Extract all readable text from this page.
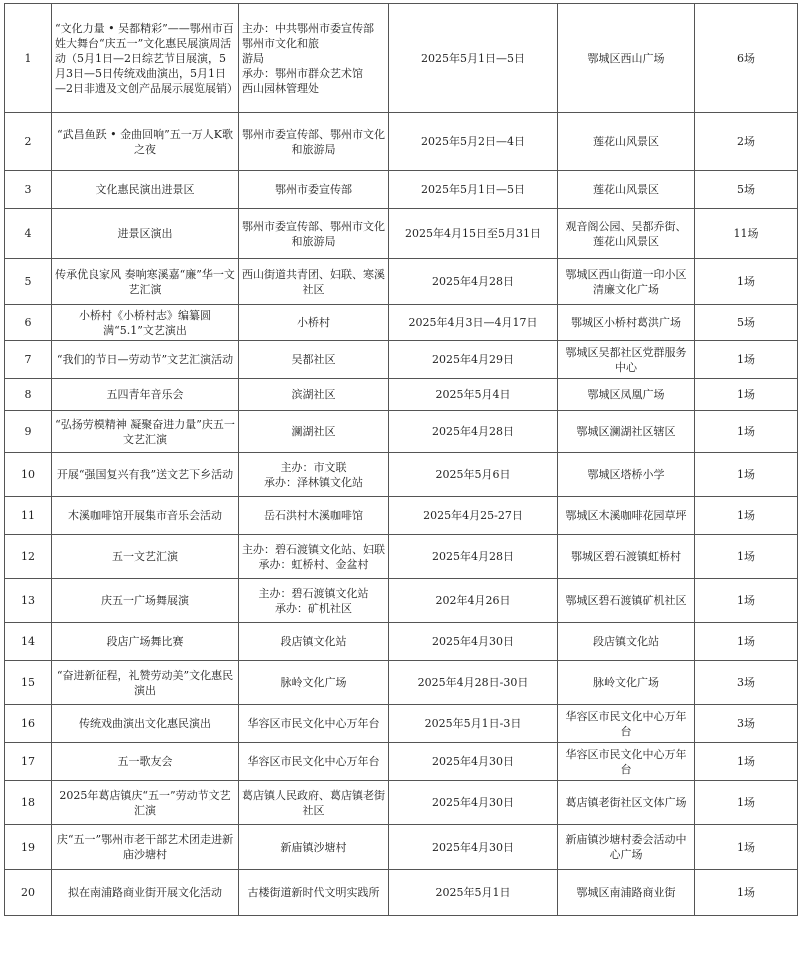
1	“文化力量 • 吴都精彩”——鄂州市百姓大舞台“庆五一”文化惠民展演周活动（5月1日—2日综艺节目展演，5月3日—5日传统戏曲演出，5月1日—2日非遗及文创产品展示展览展销）	主办：中共鄂州市委宣传部
鄂州市文化和旅
游局
承办：鄂州市群众艺术馆
西山园林管理处	2025年5月1日—5日	鄂城区西山广场	6场
2	“武昌鱼跃 • 金曲回响”五一万人K歌之夜	鄂州市委宣传部、鄂州市文化和旅游局	2025年5月2日—4日	莲花山风景区	2场
3	文化惠民演出进景区	鄂州市委宣传部	2025年5月1日—5日	莲花山风景区	5场
4	进景区演出	鄂州市委宣传部、鄂州市文化和旅游局	2025年4月15日至5月31日	观音阁公园、吴都乔街、莲花山风景区	11场
5	传承优良家风 奏响寒溪嘉“廉”华一文艺汇演	西山街道共青团、妇联、寒溪社区	2025年4月28日	鄂城区西山街道一印小区清廉文化广场	1场
6	小桥村《小桥村志》编纂圆满“5.1”文艺演出	小桥村	2025年4月3日—4月17日	鄂城区小桥村葛洪广场	5场
7	“我们的节日—劳动节”文艺汇演活动	吴都社区	2025年4月29日	鄂城区吴都社区党群服务中心	1场
8	五四青年音乐会	滨湖社区	2025年5月4日	鄂城区凤凰广场	1场
9	“弘扬劳模精神 凝聚奋进力量”庆五一文艺汇演	澜湖社区	2025年4月28日	鄂城区澜湖社区辖区	1场
10	开展“强国复兴有我”送文艺下乡活动	主办：市文联
承办：泽林镇文化站	2025年5月6日	鄂城区塔桥小学	1场
11	木溪咖啡馆开展集市音乐会活动	岳石洪村木溪咖啡馆	2025年4月25-27日	鄂城区木溪咖啡花园草坪	1场
12	五一文艺汇演	主办：碧石渡镇文化站、妇联
承办：虹桥村、金盆村	2025年4月28日	鄂城区碧石渡镇虹桥村	1场
13	庆五一广场舞展演	主办：碧石渡镇文化站
承办：矿机社区	202年4月26日	鄂城区碧石渡镇矿机社区	1场
14	段店广场舞比赛	段店镇文化站	2025年4月30日	段店镇文化站	1场
15	“奋进新征程，礼赞劳动美”文化惠民演出	脉岭文化广场	2025年4月28日-30日	脉岭文化广场	3场
16	传统戏曲演出文化惠民演出	华容区市民文化中心万年台	2025年5月1日-3日	华容区市民文化中心万年台	3场
17	五一歌友会	华容区市民文化中心万年台	2025年4月30日	华容区市民文化中心万年台	1场
18	2025年葛店镇庆“五一”劳动节文艺汇演	葛店镇人民政府、葛店镇老街社区	2025年4月30日	葛店镇老街社区文体广场	1场
19	庆“五一”鄂州市老干部艺术团走进新庙沙塘村	新庙镇沙塘村	2025年4月30日	新庙镇沙塘村委会活动中心广场	1场
20	拟在南浦路商业街开展文化活动	古楼街道新时代文明实践所	2025年5月1日	鄂城区南浦路商业街	1场
